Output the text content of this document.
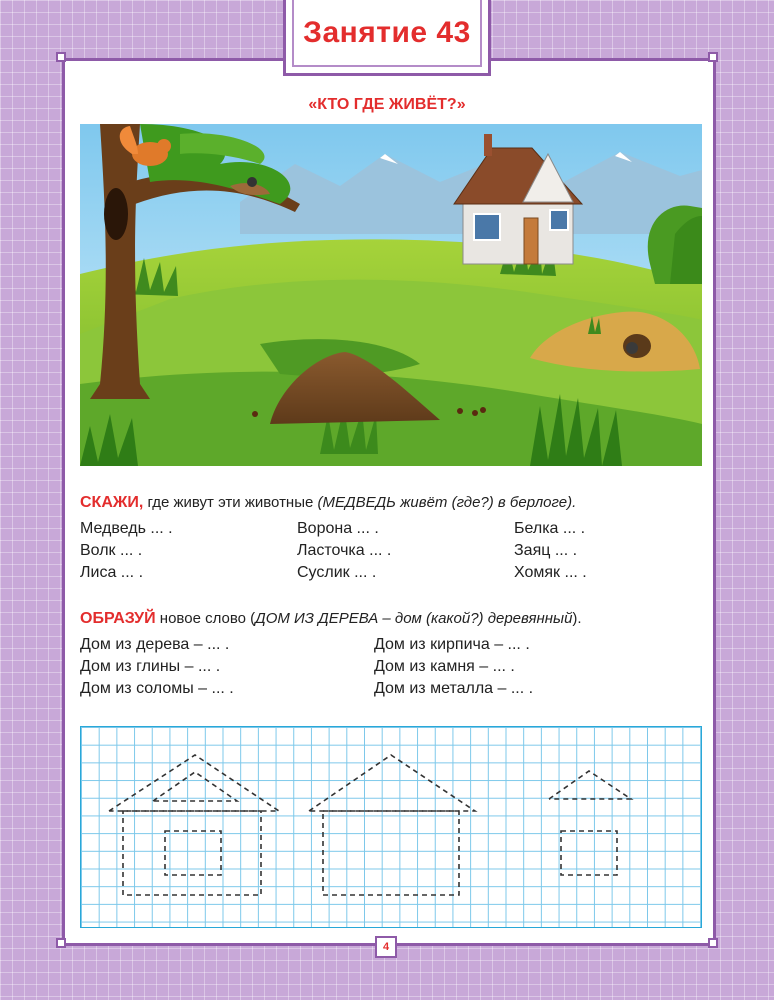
Занятие 43
«КТО ГДЕ ЖИВЁТ?»
СКАЖИ, где живут эти животные (МЕДВЕДЬ живёт (где?) в берлоге).
Медведь ... .
Волк ... .
Лиса ... .
Ворона ... .
Ласточка ... .
Суслик ... .
Белка ... .
Заяц ... .
Хомяк ... .
ОБРАЗУЙ новое слово (ДОМ ИЗ ДЕРЕВА – дом (какой?) деревянный).
Дом из дерева – ... .
Дом из глины – ... .
Дом из соломы – ... .
Дом из кирпича – ... .
Дом из камня – ... .
Дом из металла – ... .
4
